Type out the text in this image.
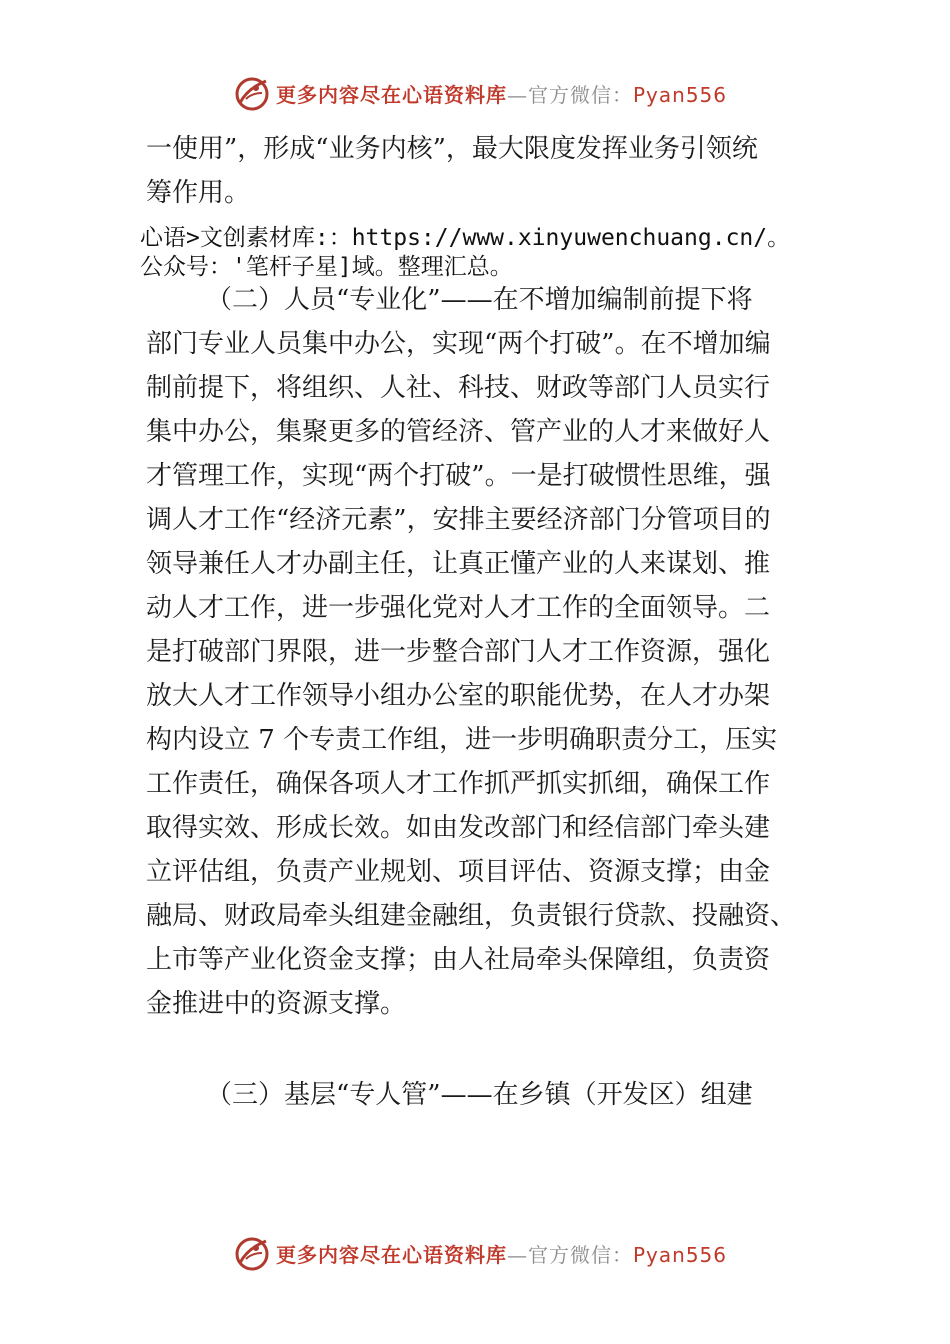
更多内容尽在心语资料库—官方微信：Pyan556
一使用”，形成“业务内核”，最大限度发挥业务引领统
筹作用。
心语>文创素材库:：https://www.xinyuwenchuang.cn/。
公众号：'笔杆子星]域。整理汇总。
（二）人员“专业化”——在不增加编制前提下将
部门专业人员集中办公，实现“两个打破”。在不增加编
制前提下，将组织、人社、科技、财政等部门人员实行
集中办公，集聚更多的管经济、管产业的人才来做好人
才管理工作，实现“两个打破”。一是打破惯性思维，强
调人才工作“经济元素”，安排主要经济部门分管项目的
领导兼任人才办副主任，让真正懂产业的人来谋划、推
动人才工作，进一步强化党对人才工作的全面领导。二
是打破部门界限，进一步整合部门人才工作资源，强化
放大人才工作领导小组办公室的职能优势，在人才办架
构内设立 7 个专责工作组，进一步明确职责分工，压实
工作责任，确保各项人才工作抓严抓实抓细，确保工作
取得实效、形成长效。如由发改部门和经信部门牵头建
立评估组，负责产业规划、项目评估、资源支撑；由金
融局、财政局牵头组建金融组，负责银行贷款、投融资、
上市等产业化资金支撑；由人社局牵头保障组，负责资
金推进中的资源支撑。
（三）基层“专人管”——在乡镇（开发区）组建
更多内容尽在心语资料库—官方微信：Pyan556
